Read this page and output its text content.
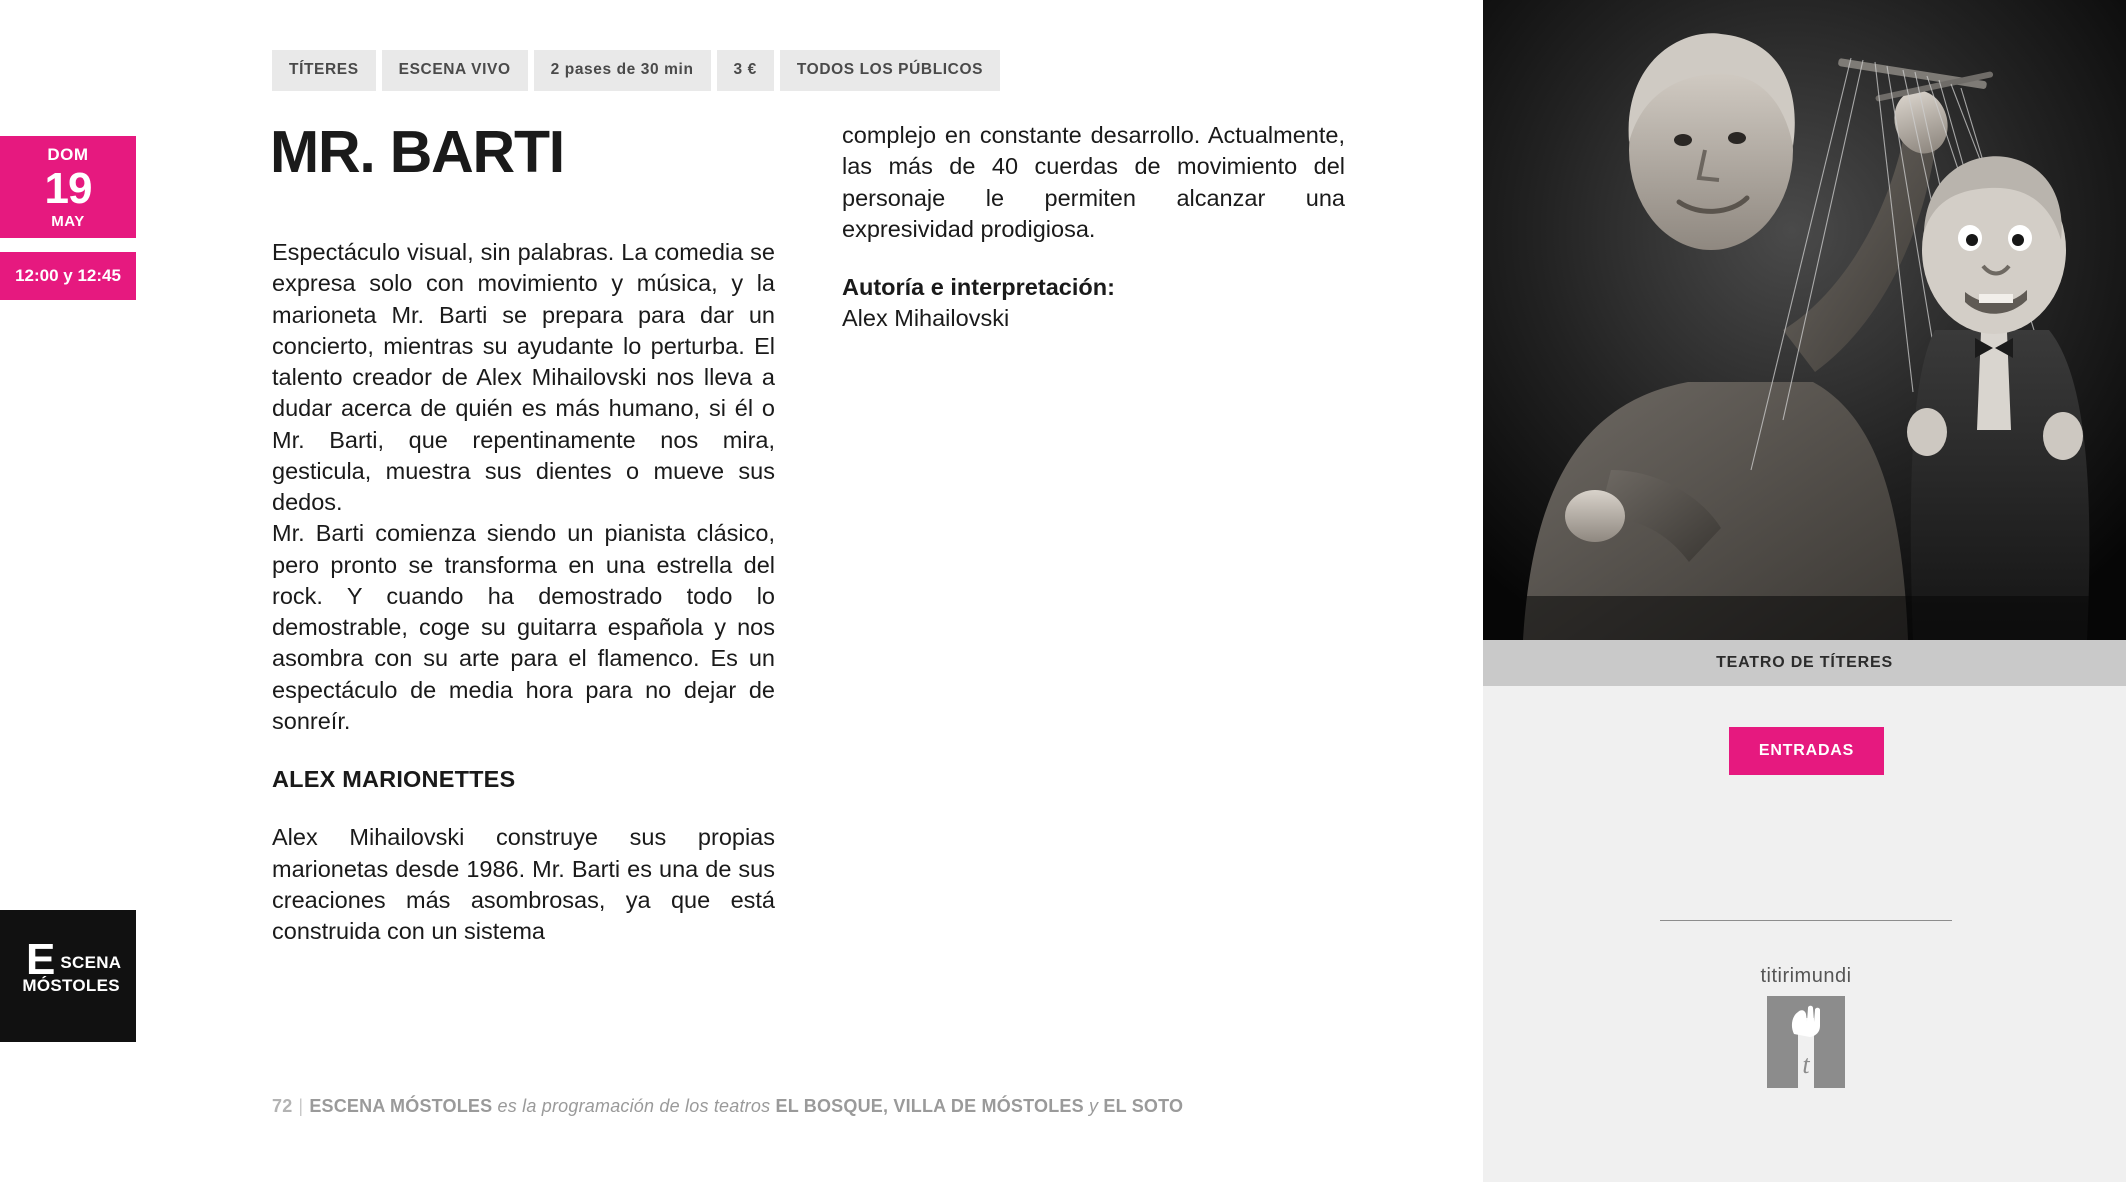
DOM
19
MAY
12:00 y 12:45
E SCENA
MÓSTOLES
TÍTERES	ESCENA VIVO	2 pases de 30 min	3 €	TODOS LOS PÚBLICOS
MR. BARTI

Espectáculo visual, sin palabras. La comedia se expresa solo con movimiento y música, y la marioneta Mr. Barti se prepara para dar un concierto, mientras su ayudante lo perturba. El talento creador de Alex Mihailovski nos lleva a dudar acerca de quién es más humano, si él o Mr. Barti, que repentinamente nos mira, gesticula, muestra sus dientes o mueve sus dedos.

Mr. Barti comienza siendo un pianista clásico, pero pronto se transforma en una estrella del rock. Y cuando ha demostrado todo lo demostrable, coge su guitarra española y nos asombra con su arte para el flamenco. Es un espectáculo de media hora para no dejar de sonreír.

ALEX MARIONETTES

Alex Mihailovski construye sus propias marionetas desde 1986. Mr. Barti es una de sus creaciones más asombrosas, ya que está construida con un sistema

complejo en constante desarrollo. Actualmente, las más de 40 cuerdas de movimiento del personaje le permiten alcanzar una expresividad prodigiosa.

Autoría e interpretación:
Alex Mihailovski
72 | ESCENA MÓSTOLES es la programación de los teatros EL BOSQUE, VILLA DE MÓSTOLES y EL SOTO
TEATRO DE TÍTERES
ENTRADAS
titirimundi
t
